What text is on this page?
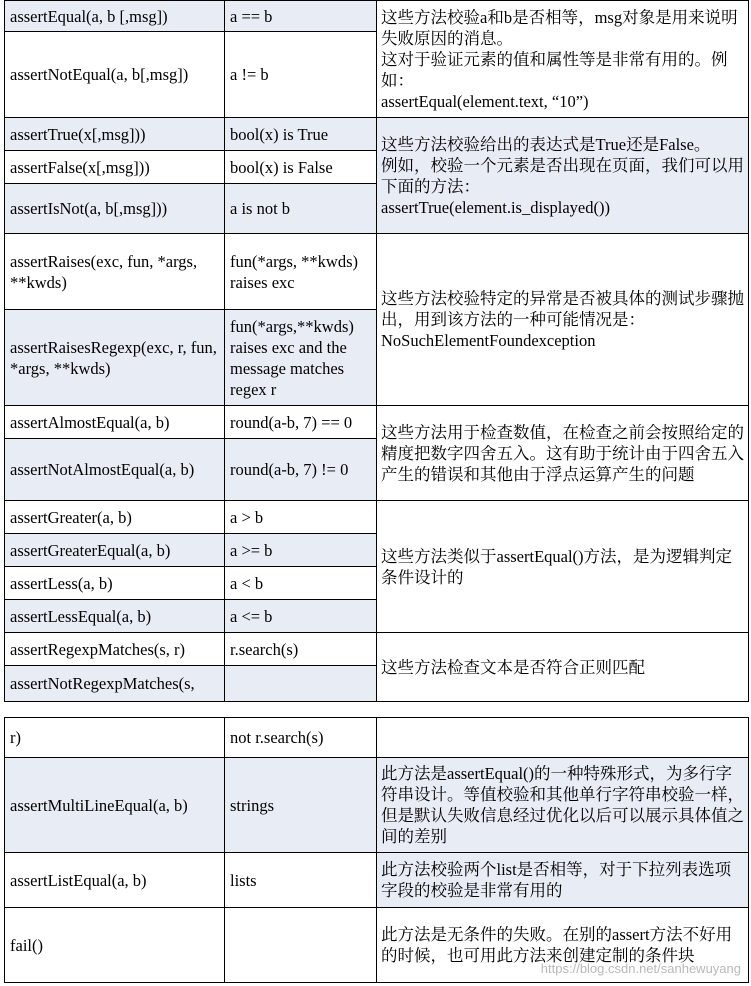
assertEqual(a, b [,msg])	a == b	这些方法校验a和b是否相等，msg对象是用来说明失败原因的消息。
这对于验证元素的值和属性等是非常有用的。例如：
assertEqual(element.text, “10”)

assertNotEqual(a, b[,msg])	a != b	
assertTrue(x[,msg]))	bool(x) is True	这些方法校验给出的表达式是True还是False。
例如，校验一个元素是否出现在页面，我们可以用下面的方法：
assertTrue(element.is_displayed())

assertFalse(x[,msg]))	bool(x) is False	
assertIsNot(a, b[,msg]))	a is not b	
assertRaises(exc, fun, *args, **kwds)	fun(*args, **kwds) raises exc	这些方法校验特定的异常是否被具体的测试步骤抛出，用到该方法的一种可能情况是：NoSuchElementFoundexception

assertRaisesRegexp(exc, r, fun, *args, **kwds)	fun(*args,**kwds) raises exc and the message matches regex r	
assertAlmostEqual(a, b)	round(a-b, 7) == 0	这些方法用于检查数值，在检查之前会按照给定的精度把数字四舍五入。这有助于统计由于四舍五入产生的错误和其他由于浮点运算产生的问题

assertNotAlmostEqual(a, b)	round(a-b, 7) != 0	
assertGreater(a, b)	a > b	这些方法类似于assertEqual()方法，是为逻辑判定条件设计的

assertGreaterEqual(a, b)	a >= b	
assertLess(a, b)	a < b	
assertLessEqual(a, b)	a <= b	
assertRegexpMatches(s, r)	r.search(s)	这些方法检查文本是否符合正则匹配

assertNotRegexpMatches(s,		
r)	not r.search(s)	
assertMultiLineEqual(a, b)	strings	此方法是assertEqual()的一种特殊形式，为多行字符串设计。等值校验和其他单行字符串校验一样，但是默认失败信息经过优化以后可以展示具体值之间的差别
assertListEqual(a, b)	lists	此方法校验两个list是否相等，对于下拉列表选项字段的校验是非常有用的
fail()		此方法是无条件的失败。在别的assert方法不好用的时候，也可用此方法来创建定制的条件块
https://blog.csdn.net/sanhewuyang
